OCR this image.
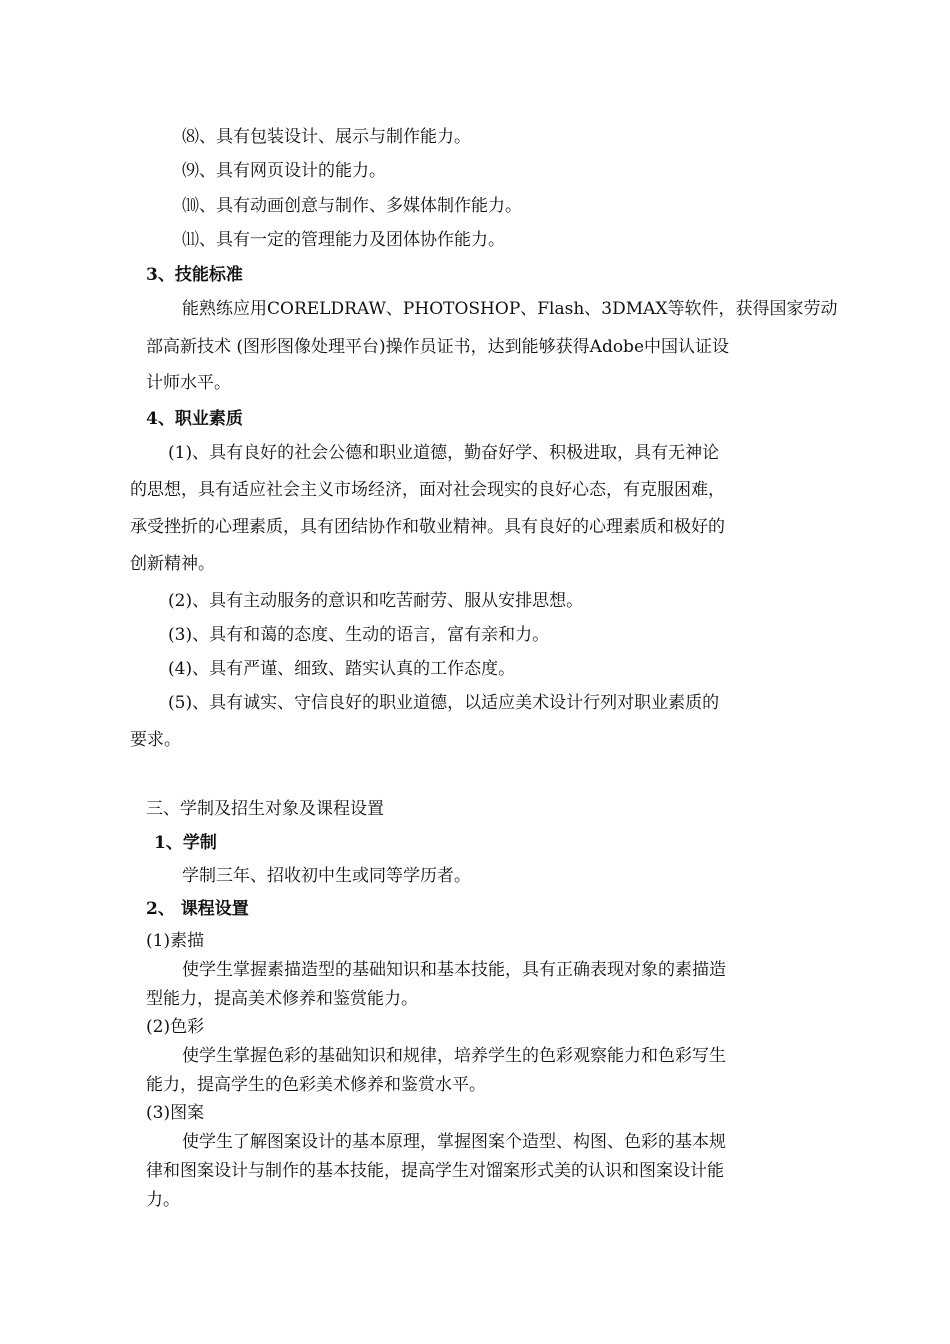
⑻、具有包装设计、展示与制作能力。
⑼、具有网页设计的能力。
⑽、具有动画创意与制作、多媒体制作能力。
⑾、具有一定的管理能力及团体协作能力。
3、技能标准
能熟练应用CORELDRAW、PHOTOSHOP、Flash、3DMAX等软件，获得国家劳动
部高新技术 (图形图像处理平台)操作员证书，达到能够获得Adobe中国认证设
计师水平。
4、职业素质
(1)、具有良好的社会公德和职业道德，勤奋好学、积极进取，具有无神论
的思想，具有适应社会主义市场经济，面对社会现实的良好心态，有克服困难，
承受挫折的心理素质，具有团结协作和敬业精神。具有良好的心理素质和极好的
创新精神。
(2)、具有主动服务的意识和吃苦耐劳、服从安排思想。
(3)、具有和蔼的态度、生动的语言，富有亲和力。
(4)、具有严谨、细致、踏实认真的工作态度。
(5)、具有诚实、守信良好的职业道德，以适应美术设计行列对职业素质的
要求。
三、学制及招生对象及课程设置
1、学制
学制三年、招收初中生或同等学历者。
2、 课程设置
(1)素描
使学生掌握素描造型的基础知识和基本技能，具有正确表现对象的素描造
型能力，提高美术修养和鉴赏能力。
(2)色彩
使学生掌握色彩的基础知识和规律，培养学生的色彩观察能力和色彩写生
能力，提高学生的色彩美术修养和鉴赏水平。
(3)图案
使学生了解图案设计的基本原理，掌握图案个造型、构图、色彩的基本规
律和图案设计与制作的基本技能，提高学生对馏案形式美的认识和图案设计能
力。
